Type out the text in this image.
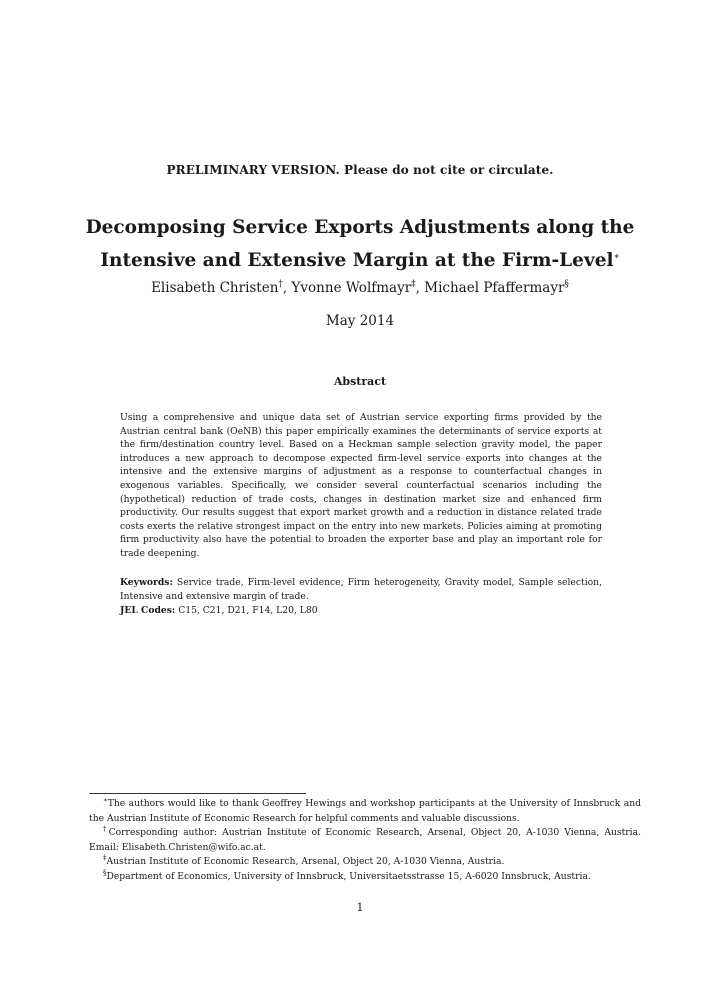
PRELIMINARY VERSION. Please do not cite or circulate.
Decomposing Service Exports Adjustments along the Intensive and Extensive Margin at the Firm-Level∗
Elisabeth Christen†, Yvonne Wolfmayr‡, Michael Pfaffermayr§
May 2014
Abstract
Using a comprehensive and unique data set of Austrian service exporting firms provided by the Austrian central bank (OeNB) this paper empirically examines the determinants of service exports at the firm/destination country level. Based on a Heckman sample selection gravity model, the paper introduces a new approach to decompose expected firm-level service exports into changes at the intensive and the extensive margins of adjustment as a response to counterfactual changes in exogenous variables. Specifically, we consider several counterfactual scenarios including the (hypothetical) reduction of trade costs, changes in destination market size and enhanced firm productivity. Our results suggest that export market growth and a reduction in distance related trade costs exerts the relative strongest impact on the entry into new markets. Policies aiming at promoting firm productivity also have the potential to broaden the exporter base and play an important role for trade deepening.
Keywords: Service trade, Firm-level evidence, Firm heterogeneity, Gravity model, Sample selection, Intensive and extensive margin of trade.
JEL Codes: C15, C21, D21, F14, L20, L80

∗The authors would like to thank Geoffrey Hewings and workshop participants at the University of Innsbruck and the Austrian Institute of Economic Research for helpful comments and valuable discussions.

†Corresponding author: Austrian Institute of Economic Research, Arsenal, Object 20, A-1030 Vienna, Austria. Email: Elisabeth.Christen@wifo.ac.at.

‡Austrian Institute of Economic Research, Arsenal, Object 20, A-1030 Vienna, Austria.

§Department of Economics, University of Innsbruck, Universitaetsstrasse 15, A-6020 Innsbruck, Austria.

1
